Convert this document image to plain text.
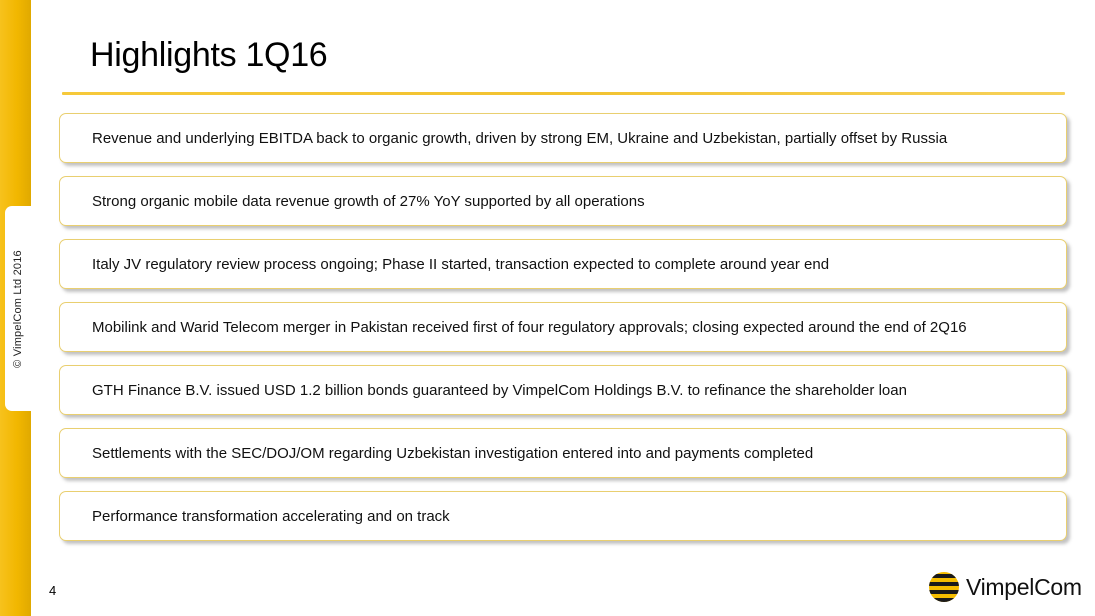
© VimpelCom Ltd 2016
Highlights 1Q16
Revenue and underlying EBITDA back to organic growth, driven by strong EM, Ukraine and Uzbekistan, partially offset by Russia
Strong organic mobile data revenue growth of 27% YoY supported by all operations
Italy JV regulatory review process ongoing; Phase II started, transaction expected to complete around year end
Mobilink and Warid Telecom merger in Pakistan received first of four regulatory approvals; closing expected around the end of 2Q16
GTH Finance B.V. issued USD 1.2 billion bonds guaranteed by VimpelCom Holdings B.V. to refinance the shareholder loan
Settlements with the SEC/DOJ/OM regarding Uzbekistan investigation entered into and payments completed
Performance transformation accelerating and on track
4	VimpelCom
